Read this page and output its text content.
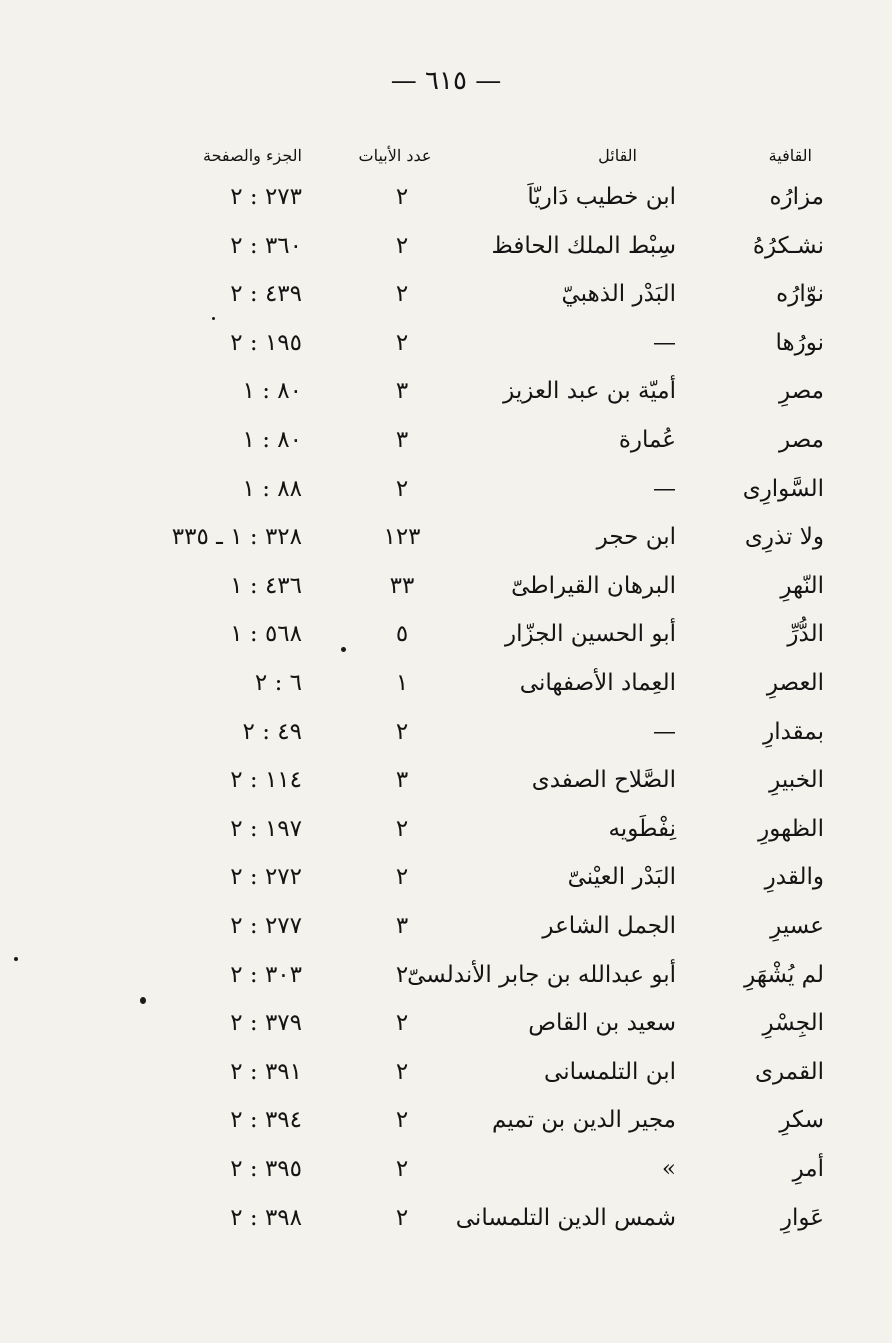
— ٦١٥ —
القافية
القائل
عدد الأبيات
الجزء والصفحة
مزارُه
ابن خطيب دَاريّاَ
٢
٢٧٣ : ٢
نشـكرُهُ
سِبْط الملك الحافظ
٢
٣٦٠ : ٢
نوّارُه
البَدْر الذهبيّ
٢
٤٣٩ : ٢
نورُها
—
٢
١٩٥ : ٢
مصرِ
أميّة بن عبد العزيز
٣
٨٠ : ١
مصر
عُمارة
٣
٨٠ : ١
السَّوارِى
—
٢
٨٨ : ١
ولا تذرِى
ابن حجر
١٢٣
٣٢٨ : ١ ـ ٣٣٥
النّهرِ
البرهان القيراطىّ
٣٣
٤٣٦ : ١
الدُّرِّ
أبو الحسين الجزّار
٥
٥٦٨ : ١
العصرِ
العِماد الأصفهانى
١
٦ : ٢
بمقدارِ
—
٢
٤٩ : ٢
الخبيرِ
الصَّلاح الصفدى
٣
١١٤ : ٢
الظهورِ
نِفْطَويه
٢
١٩٧ : ٢
والقدرِ
البَدْر العيْنىّ
٢
٢٧٢ : ٢
عسيرِ
الجمل الشاعر
٣
٢٧٧ : ٢
لم يُشْهَرِ
أبو عبدالله بن جابر الأندلسىّ
٢
٣٠٣ : ٢
الجِسْرِ
سعيد بن القاص
٢
٣٧٩ : ٢
القمرى
ابن التلمسانى
٢
٣٩١ : ٢
سكرِ
مجير الدين بن تميم
٢
٣٩٤ : ٢
أمرِ
»
٢
٣٩٥ : ٢
عَوارِ
شمس الدين التلمسانى
٢
٣٩٨ : ٢
